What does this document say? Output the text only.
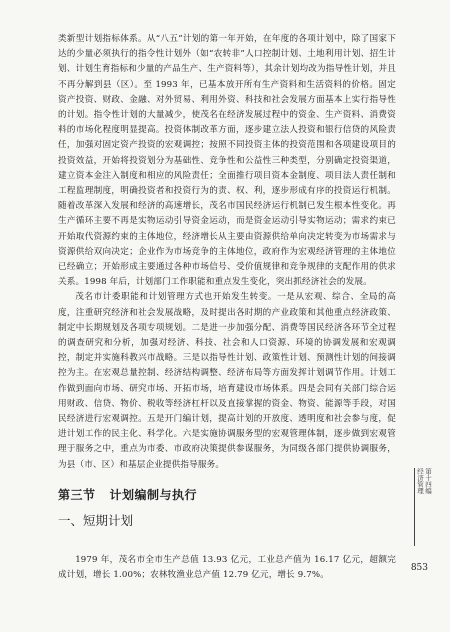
类新型计划指标体系。从“八五”计划的第一年开始，在年度的各项计划中，除了国家下达的少量必须执行的指令性计划外（如“农转非”人口控制计划、土地利用计划、招生计划、计划生育指标和少量的产品生产、生产资料等），其余计划均改为指导性计划，并且不再分解到县（区）。至 1993 年，已基本放开所有生产资料和生活资料的价格。固定资产投资、财政、金融、对外贸易、利用外资、科技和社会发展方面基本上实行指导性的计划。指令性计划的大量减少，使茂名在经济发展过程中的资金、生产资料、消费资料的市场化程度明显提高。投资体制改革方面，逐步建立法人投资和银行信贷的风险责任，加强对固定资产投资的宏观调控；按照不同投资主体的投资范围和各项建设项目的投资效益，开始将投资划分为基础性、竞争性和公益性三种类型，分别确定投资渠道，建立资本金注入制度和相应的风险责任；全面推行项目资本金制度、项目法人责任制和工程监理制度，明确投资者和投资行为的责、权、利，逐步形成有序的投资运行机制。随着改革深入发展和经济的高速增长，茂名市国民经济运行机制已发生根本性变化。再生产循环主要不再是实物运动引导资金运动，而是资金运动引导实物运动；需求约束已开始取代资源约束的主体地位，经济增长从主要由资源供给单向决定转变为市场需求与资源供给双向决定；企业作为市场竞争的主体地位，政府作为宏观经济管理的主体地位已经确立；开始形成主要通过各种市场信号、受价值规律和竞争规律的支配作用的供求关系。1998 年后，计划部门工作职能和重点发生变化，突出抓经济社会的发展。

茂名市计委职能和计划管理方式也开始发生转变。一是从宏观、综合、全局的高度，注重研究经济和社会发展战略，及时提出各时期的产业政策和其他重点经济政策、制定中长期规划及各项专项规划。二是进一步加强分配、消费等国民经济各环节全过程的调查研究和分析，加强对经济、科技、社会和人口资源、环境的协调发展和宏观调控，制定并实施科教兴市战略。三是以指导性计划、政策性计划、预测性计划的间接调控为主。在宏观总量控制、经济结构调整、经济布局等方面发挥计划调节作用。计划工作做到面向市场、研究市场、开拓市场，培育建设市场体系。四是会同有关部门综合运用财政、信贷、物价、税收等经济杠杆以及直接掌握的资金、物资、能源等手段，对国民经济进行宏观调控。五是开门编计划，提高计划的开放度、透明度和社会参与度，促进计划工作的民主化、科学化。六是实施协调服务型的宏观管理体制，逐步做到宏观管理于服务之中，重点为市委、市政府决策提供参谋服务，为同级各部门提供协调服务，为县（市、区）和基层企业提供指导服务。

第三节 计划编制与执行
一、短期计划

1979 年，茂名市全市生产总值 13.93 亿元，工业总产值为 16.17 亿元，超额完成计划，增长 1.00%；农林牧渔业总产值 12.79 亿元，增长 9.7%。

第十四编
经济管理
853
